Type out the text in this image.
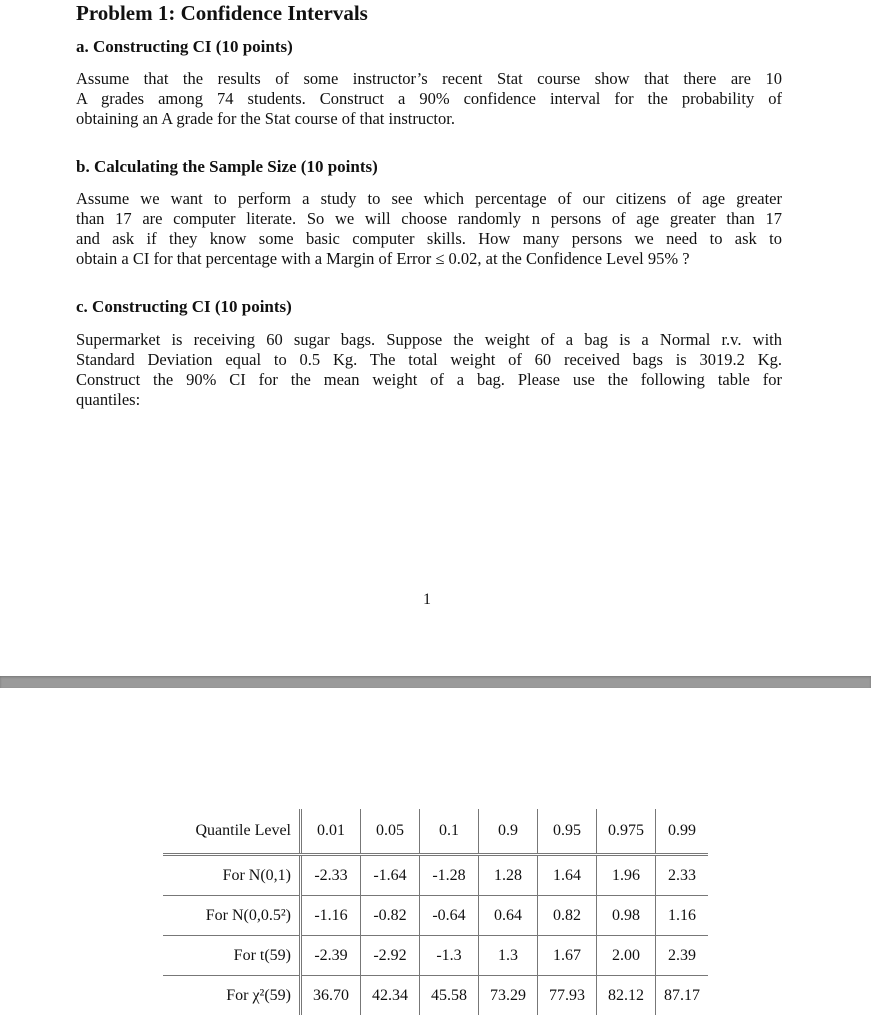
Problem 1: Confidence Intervals
a. Constructing CI (10 points)
Assume that the results of some instructor’s recent Stat course show that there are 10
A grades among 74 students. Construct a 90% confidence interval for the probability of
obtaining an A grade for the Stat course of that instructor.
b. Calculating the Sample Size (10 points)
Assume we want to perform a study to see which percentage of our citizens of age greater
than 17 are computer literate. So we will choose randomly n persons of age greater than 17
and ask if they know some basic computer skills. How many persons we need to ask to
obtain a CI for that percentage with a Margin of Error ≤ 0.02, at the Confidence Level 95% ?
c. Constructing CI (10 points)
Supermarket is receiving 60 sugar bags. Suppose the weight of a bag is a Normal r.v. with
Standard Deviation equal to 0.5 Kg. The total weight of 60 received bags is 3019.2 Kg.
Construct the 90% CI for the mean weight of a bag. Please use the following table for
quantiles:
1
Quantile Level	0.01	0.05	0.1	0.9	0.95	0.975	0.99
For N(0,1)	-2.33	-1.64	-1.28	1.28	1.64	1.96	2.33
For N(0,0.5²)	-1.16	-0.82	-0.64	0.64	0.82	0.98	1.16
For t(59)	-2.39	-2.92	-1.3	1.3	1.67	2.00	2.39
For χ²(59)	36.70	42.34	45.58	73.29	77.93	82.12	87.17
